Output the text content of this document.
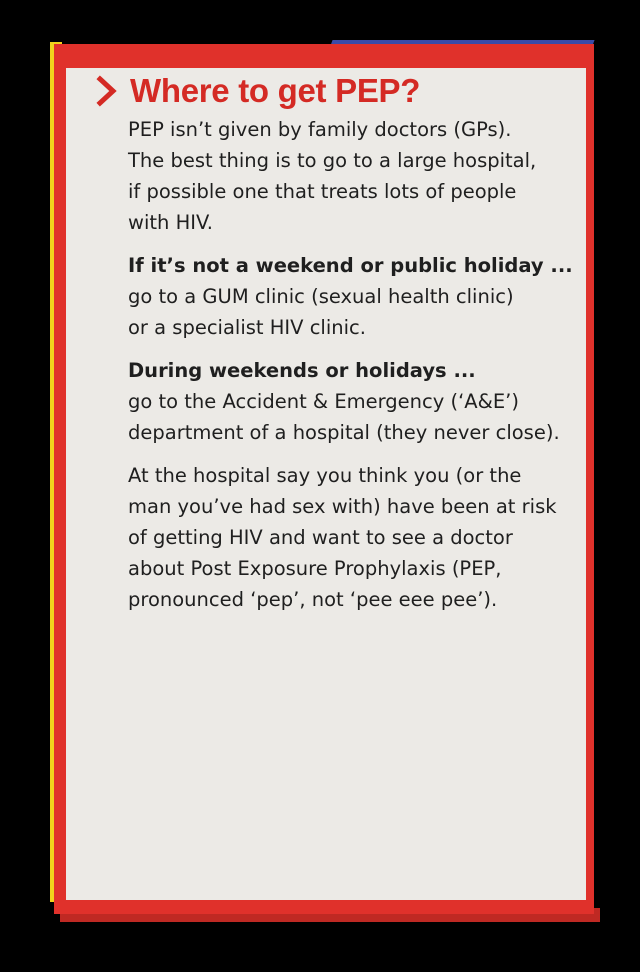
Where to get PEP?

PEP isn’t given by family doctors (GPs).
The best thing is to go to a large hospital,
if possible one that treats lots of people
with HIV.

If it’s not a weekend or public holiday ...
go to a GUM clinic (sexual health clinic)
or a specialist HIV clinic.

During weekends or holidays ...
go to the Accident & Emergency (‘A&E’)
department of a hospital (they never close).

At the hospital say you think you (or the
man you’ve had sex with) have been at risk
of getting HIV and want to see a doctor
about Post Exposure Prophylaxis (PEP,
pronounced ‘pep’, not ‘pee eee pee’).
